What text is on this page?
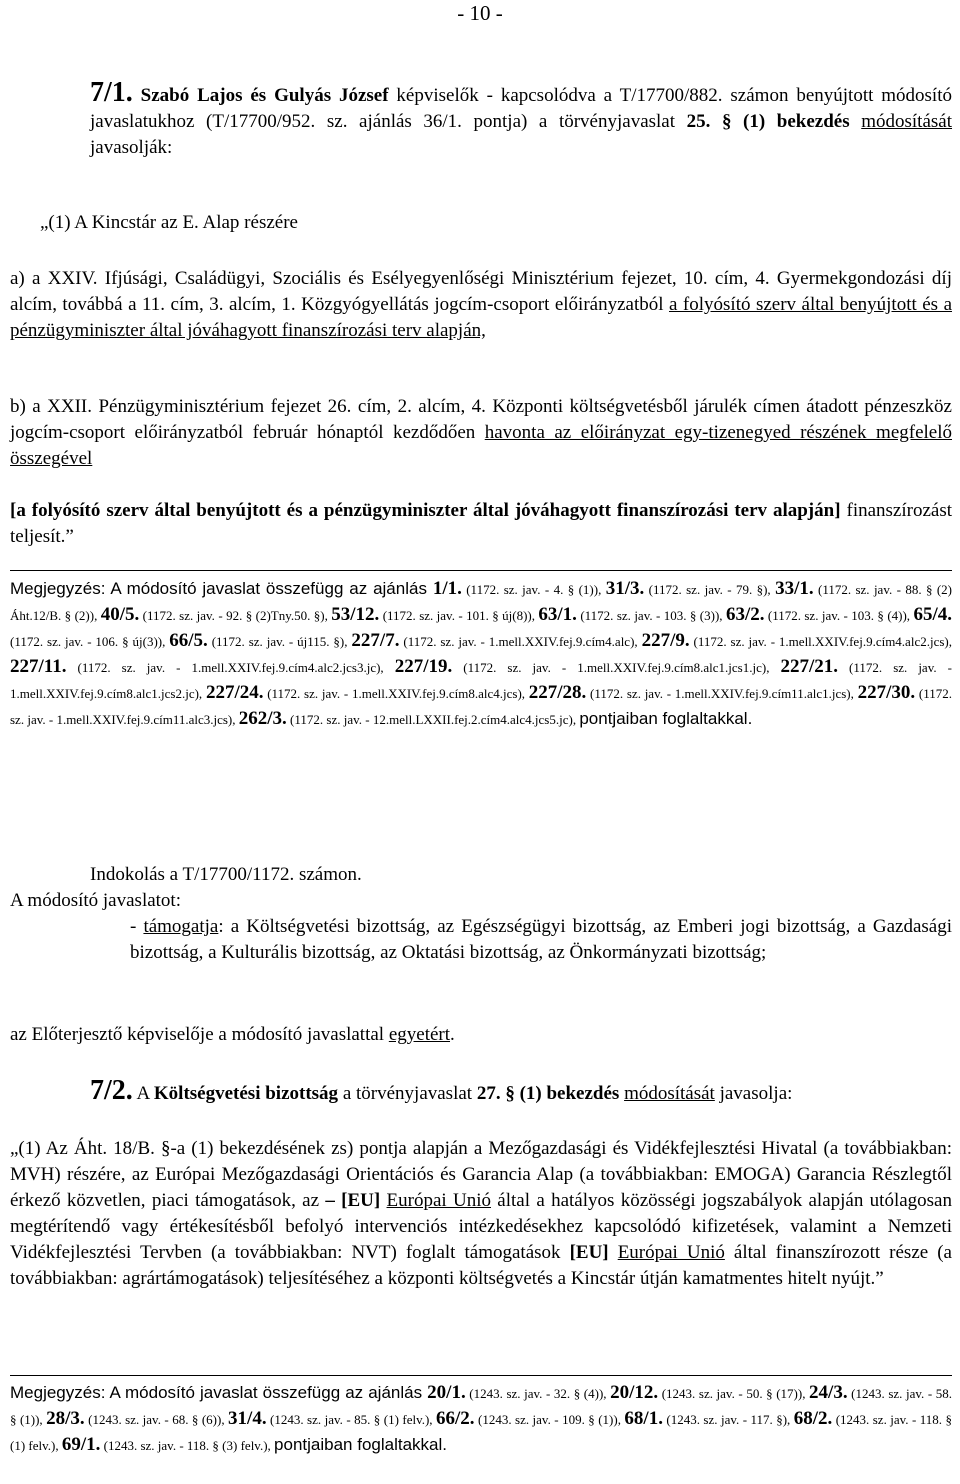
- 10 -
7/1. Szabó Lajos és Gulyás József képviselők - kapcsolódva a T/17700/882. számon benyújtott módosító javaslatukhoz (T/17700/952. sz. ajánlás 36/1. pontja) a törvényjavaslat 25. § (1) bekezdés módosítását javasolják:
„(1) A Kincstár az E. Alap részére
a) a XXIV. Ifjúsági, Családügyi, Szociális és Esélyegyenlőségi Minisztérium fejezet, 10. cím, 4. Gyermekgondozási díj alcím, továbbá a 11. cím, 3. alcím, 1. Közgyógyellátás jogcím-csoport előirányzatból a folyósító szerv által benyújtott és a pénzügyminiszter által jóváhagyott finanszírozási terv alapján,
b) a XXII. Pénzügyminisztérium fejezet 26. cím, 2. alcím, 4. Központi költségvetésből járulék címen átadott pénzeszköz jogcím-csoport előirányzatból február hónaptól kezdődően havonta az előirányzat egy-tizenegyed részének megfelelő összegével
[a folyósító szerv által benyújtott és a pénzügyminiszter által jóváhagyott finanszírozási terv alapján] finanszírozást teljesít.”
Megjegyzés: A módosító javaslat összefügg az ajánlás 1/1. (1172. sz. jav. - 4. § (1)), 31/3. (1172. sz. jav. - 79. §), 33/1. (1172. sz. jav. - 88. § (2) Áht.12/B. § (2)), 40/5. (1172. sz. jav. - 92. § (2)Tny.50. §), 53/12. (1172. sz. jav. - 101. § új(8)), 63/1. (1172. sz. jav. - 103. § (3)), 63/2. (1172. sz. jav. - 103. § (4)), 65/4. (1172. sz. jav. - 106. § új(3)), 66/5. (1172. sz. jav. - új115. §), 227/7. (1172. sz. jav. - 1.mell.XXIV.fej.9.cím4.alc), 227/9. (1172. sz. jav. - 1.mell.XXIV.fej.9.cím4.alc2.jcs), 227/11. (1172. sz. jav. - 1.mell.XXIV.fej.9.cím4.alc2.jcs3.jc), 227/19. (1172. sz. jav. - 1.mell.XXIV.fej.9.cím8.alc1.jcs1.jc), 227/21. (1172. sz. jav. - 1.mell.XXIV.fej.9.cím8.alc1.jcs2.jc), 227/24. (1172. sz. jav. - 1.mell.XXIV.fej.9.cím8.alc4.jcs), 227/28. (1172. sz. jav. - 1.mell.XXIV.fej.9.cím11.alc1.jcs), 227/30. (1172. sz. jav. - 1.mell.XXIV.fej.9.cím11.alc3.jcs), 262/3. (1172. sz. jav. - 12.mell.LXXII.fej.2.cím4.alc4.jcs5.jc), pontjaiban foglaltakkal.
Indokolás a T/17700/1172. számon.
A módosító javaslatot:
- támogatja: a Költségvetési bizottság, az Egészségügyi bizottság, az Emberi jogi bizottság, a Gazdasági bizottság, a Kulturális bizottság, az Oktatási bizottság, az Önkormányzati bizottság;
az Előterjesztő képviselője a módosító javaslattal egyetért.
7/2. A Költségvetési bizottság a törvényjavaslat 27. § (1) bekezdés módosítását javasolja:
„(1) Az Áht. 18/B. §-a (1) bekezdésének zs) pontja alapján a Mezőgazdasági és Vidékfejlesztési Hivatal (a továbbiakban: MVH) részére, az Európai Mezőgazdasági Orientációs és Garancia Alap (a továbbiakban: EMOGA) Garancia Részlegtől érkező közvetlen, piaci támogatások, az – [EU] Európai Unió által a hatályos közösségi jogszabályok alapján utólagosan megtérítendő vagy értékesítésből befolyó intervenciós intézkedésekhez kapcsolódó kifizetések, valamint a Nemzeti Vidékfejlesztési Tervben (a továbbiakban: NVT) foglalt támogatások [EU] Európai Unió által finanszírozott része (a továbbiakban: agrártámogatások) teljesítéséhez a központi költségvetés a Kincstár útján kamatmentes hitelt nyújt.”
Megjegyzés: A módosító javaslat összefügg az ajánlás 20/1. (1243. sz. jav. - 32. § (4)), 20/12. (1243. sz. jav. - 50. § (17)), 24/3. (1243. sz. jav. - 58. § (1)), 28/3. (1243. sz. jav. - 68. § (6)), 31/4. (1243. sz. jav. - 85. § (1) felv.), 66/2. (1243. sz. jav. - 109. § (1)), 68/1. (1243. sz. jav. - 117. §), 68/2. (1243. sz. jav. - 118. § (1) felv.), 69/1. (1243. sz. jav. - 118. § (3) felv.), pontjaiban foglaltakkal.
